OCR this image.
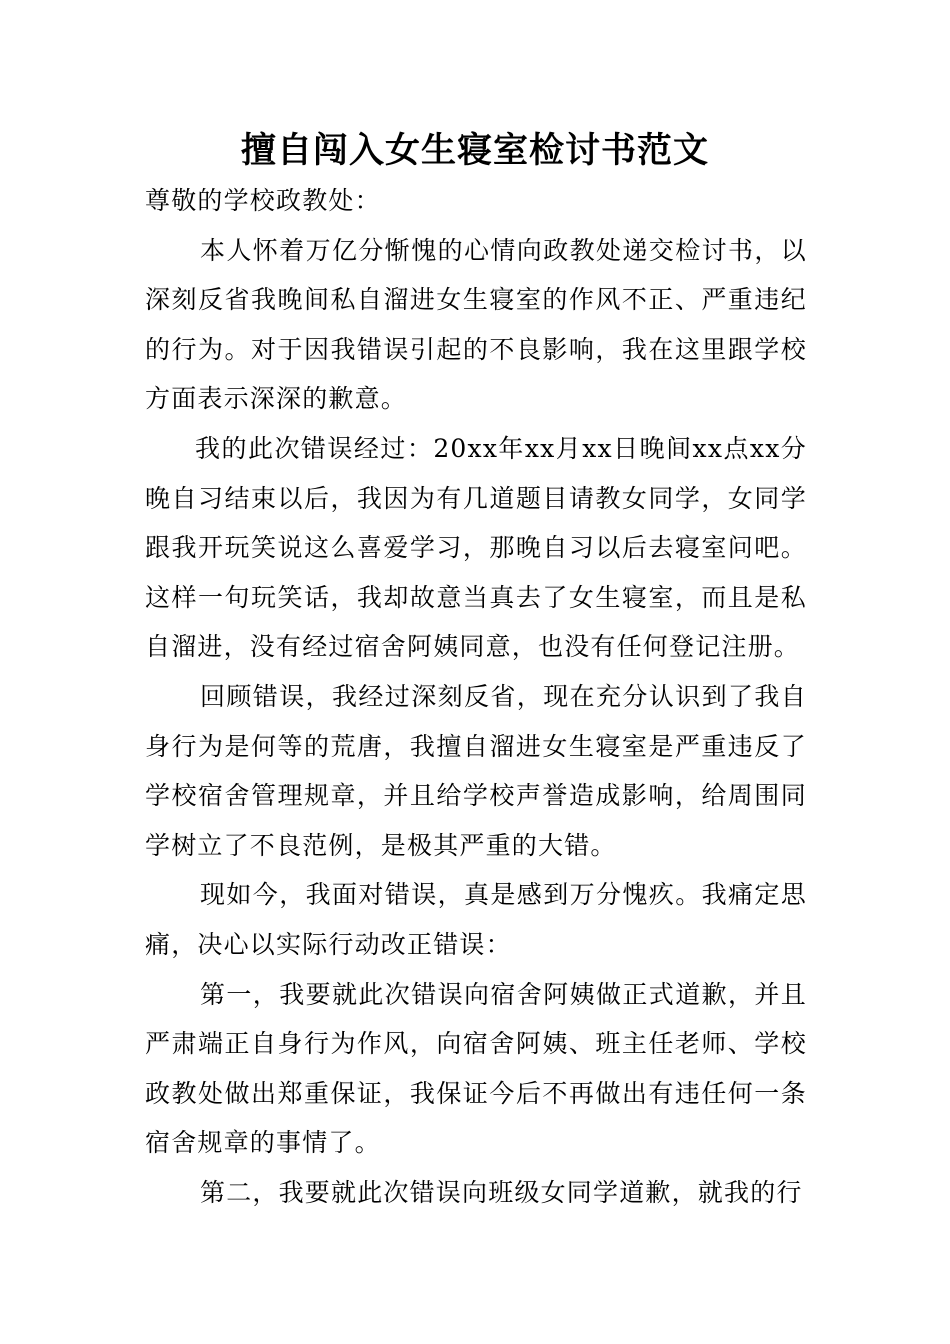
擅自闯入女生寝室检讨书范文

尊敬的学校政教处：

本人怀着万亿分惭愧的心情向政教处递交检讨书，以深刻反省我晚间私自溜进女生寝室的作风不正、严重违纪的行为。对于因我错误引起的不良影响，我在这里跟学校方面表示深深的歉意。

我的此次错误经过：20xx年xx月xx日晚间xx点xx分晚自习结束以后，我因为有几道题目请教女同学，女同学跟我开玩笑说这么喜爱学习，那晚自习以后去寝室问吧。这样一句玩笑话，我却故意当真去了女生寝室，而且是私自溜进，没有经过宿舍阿姨同意，也没有任何登记注册。

回顾错误，我经过深刻反省，现在充分认识到了我自身行为是何等的荒唐，我擅自溜进女生寝室是严重违反了学校宿舍管理规章，并且给学校声誉造成影响，给周围同学树立了不良范例，是极其严重的大错。

现如今，我面对错误，真是感到万分愧疚。我痛定思痛，决心以实际行动改正错误：

第一，我要就此次错误向宿舍阿姨做正式道歉，并且严肃端正自身行为作风，向宿舍阿姨、班主任老师、学校政教处做出郑重保证，我保证今后不再做出有违任何一条宿舍规章的事情了。

第二，我要就此次错误向班级女同学道歉，就我的行
